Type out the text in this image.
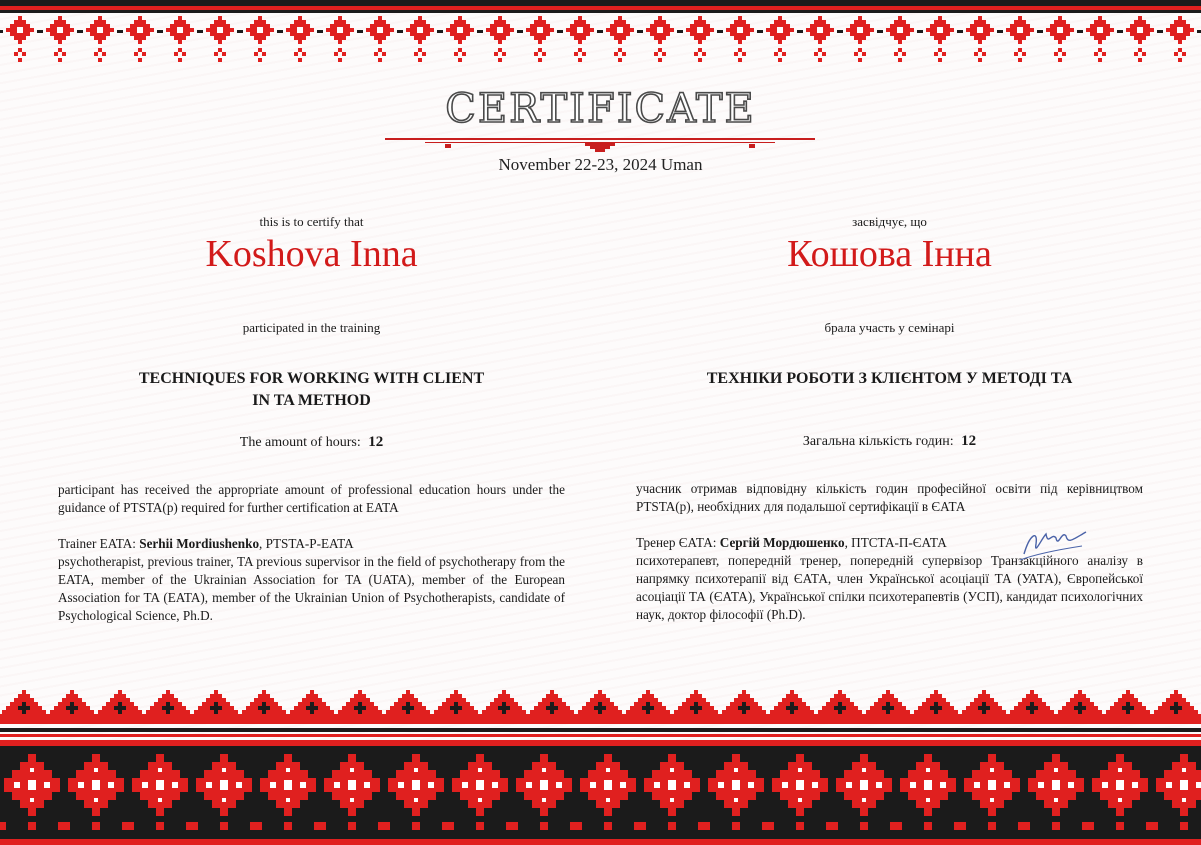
CERTIFICATE
November 22-23, 2024 Uman
this is to certify that
Koshova Inna
participated in the training
TECHNIQUES FOR WORKING WITH CLIENT
IN TA METHOD
The amount of hours: 12
participant has received the appropriate amount of professional education hours under the guidance of PTSTA(p) required for further certification at EATA
Trainer EATA: Serhii Mordiushenko, PTSTA-P-EATA
psychotherapist, previous trainer, TA previous supervisor in the field of psychotherapy from the EATA, member of the Ukrainian Association for TA (UATA), member of the European Association for TA (EATA), member of the Ukrainian Union of Psychotherapists, candidate of Psychological Science, Ph.D.
засвідчує, що
Кошова Інна
брала участь у семінарі
ТЕХНІКИ РОБОТИ З КЛІЄНТОМ У МЕТОДІ ТА
Загальна кількість годин: 12
учасник отримав відповідну кількість годин професійної освіти під керівництвом PTSTA(p), необхідних для подальшої сертифікації в ЄАТА
Тренер ЄАТА: Сергій Мордюшенко, ПТСТА-П-ЄАТА
психотерапевт, попередній тренер, попередній супервізор Транзакційного аналізу в напрямку психотерапії від ЄАТА, член Української асоціації ТА (УАТА), Європейської асоціації ТА (ЄАТА), Української спілки психотерапевтів (УСП), кандидат психологічних наук, доктор філософії (Ph.D).
